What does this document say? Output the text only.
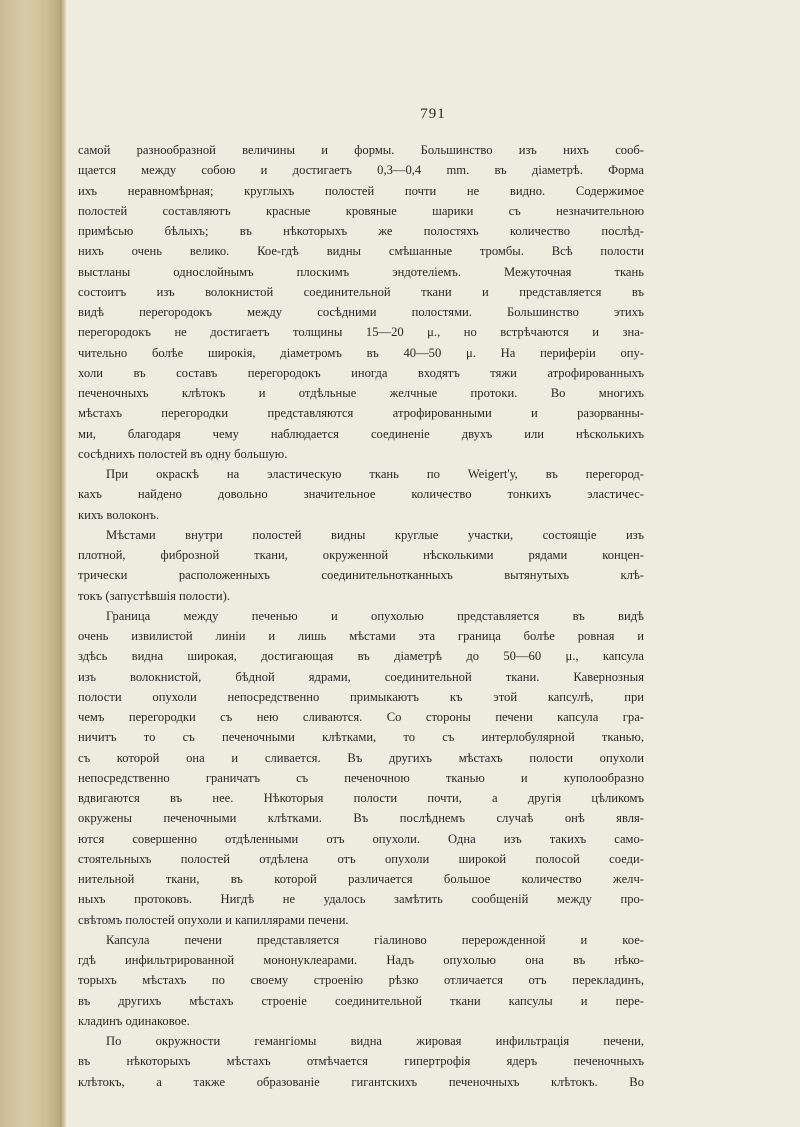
791
самой разнообразной величины и формы. Большинство изъ нихъ сооб-
щается между собою и достигаетъ 0,3—0,4 mm. въ діаметрѣ. Форма
ихъ неравномѣрная; круглыхъ полостей почти не видно. Содержимое
полостей составляютъ красные кровяные шарики съ незначительною
примѣсью бѣлыхъ; въ нѣкоторыхъ же полостяхъ количество послѣд-
нихъ очень велико. Кое-гдѣ видны смѣшанные тромбы. Всѣ полости
выстланы однослойнымъ плоскимъ эндотеліемъ. Межуточная ткань
состоитъ изъ волокнистой соединительной ткани и представляется въ
видѣ перегородокъ между сосѣдними полостями. Большинство этихъ
перегородокъ не достигаетъ толщины 15—20 μ., но встрѣчаются и зна-
чительно болѣе широкія, діаметромъ въ 40—50 μ. На периферіи опу-
холи въ составъ перегородокъ иногда входятъ тяжи атрофированныхъ
печеночныхъ клѣтокъ и отдѣльные желчные протоки. Во многихъ
мѣстахъ перегородки представляются атрофированными и разорванны-
ми, благодаря чему наблюдается соединеніе двухъ или нѣсколькихъ
сосѣднихъ полостей въ одну большую.
При окраскѣ на эластическую ткань по Weigert'у, въ перегород-
кахъ найдено довольно значительное количество тонкихъ эластичес-
кихъ волоконъ.
Мѣстами внутри полостей видны круглые участки, состоящіе изъ
плотной, фиброзной ткани, окруженной нѣсколькими рядами концен-
трически расположенныхъ соединительнотканныхъ вытянутыхъ клѣ-
токъ (запустѣвшія полости).
Граница между печенью и опухолью представляется въ видѣ
очень извилистой линіи и лишь мѣстами эта граница болѣе ровная и
здѣсь видна широкая, достигающая въ діаметрѣ до 50—60 μ., капсула
изъ волокнистой, бѣдной ядрами, соединительной ткани. Кавернозныя
полости опухоли непосредственно примыкаютъ къ этой капсулѣ, при
чемъ перегородки съ нею сливаются. Со стороны печени капсула гра-
ничитъ то съ печеночными клѣтками, то съ интерлобулярной тканью,
съ которой она и сливается. Въ другихъ мѣстахъ полости опухоли
непосредственно граничатъ съ печеночною тканью и куполообразно
вдвигаются въ нее. Нѣкоторыя полости почти, а другія цѣликомъ
окружены печеночными клѣтками. Въ послѣднемъ случаѣ онѣ явля-
ются совершенно отдѣленными отъ опухоли. Одна изъ такихъ само-
стоятельныхъ полостей отдѣлена отъ опухоли широкой полосой соеди-
нительной ткани, въ которой различается большое количество желч-
ныхъ протоковъ. Нигдѣ не удалось замѣтить сообщеній между про-
свѣтомъ полостей опухоли и капиллярами печени.
Капсула печени представляется гіалиново перерожденной и кое-
гдѣ инфильтрированной мононуклеарами. Надъ опухолью она въ нѣко-
торыхъ мѣстахъ по своему строенію рѣзко отличается отъ перекладинъ,
въ другихъ мѣстахъ строеніе соединительной ткани капсулы и пере-
кладинъ одинаковое.
По окружности гемангіомы видна жировая инфильтрація печени,
въ нѣкоторыхъ мѣстахъ отмѣчается гипертрофія ядеръ печеночныхъ
клѣтокъ, а также образованіе гигантскихъ печеночныхъ клѣтокъ. Во
